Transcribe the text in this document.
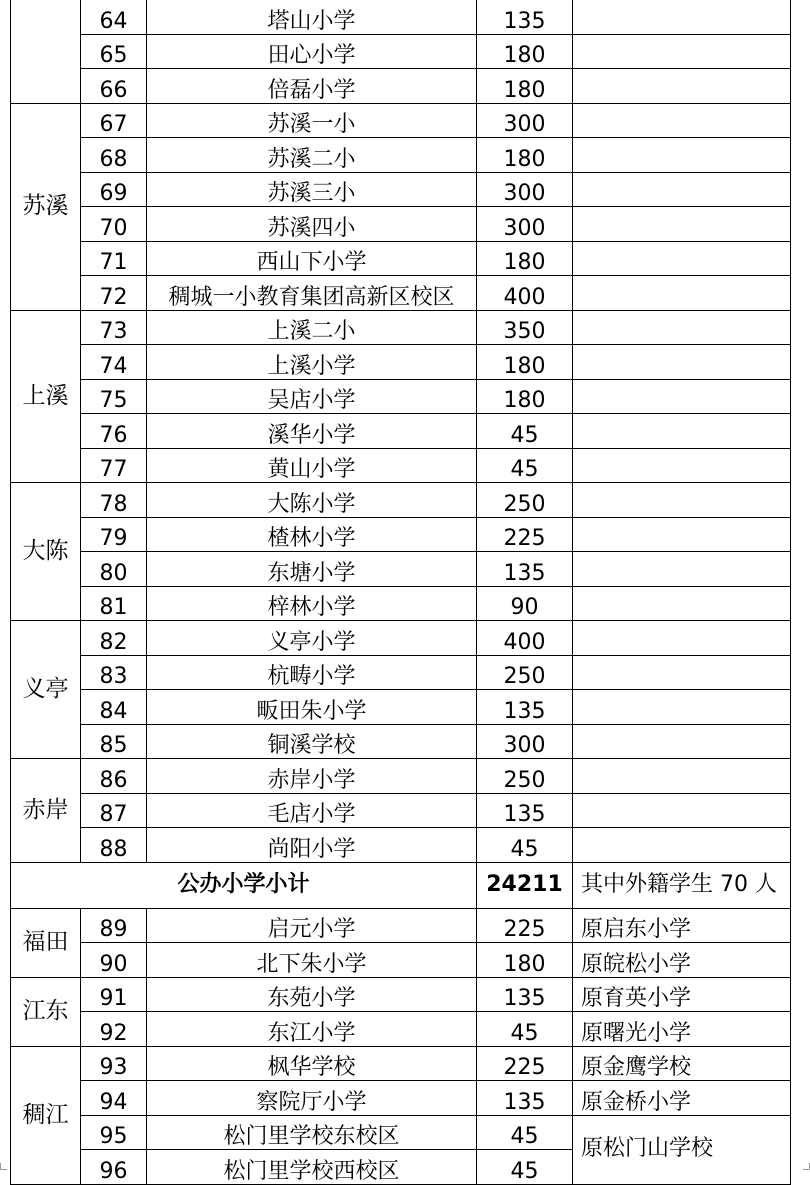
	64	塔山小学	135	
	65	田心小学	180	
	66	倍磊小学	180	
苏溪	67	苏溪一小	300	
	68	苏溪二小	180	
	69	苏溪三小	300	
	70	苏溪四小	300	
	71	西山下小学	180	
	72	稠城一小教育集团高新区校区	400	
上溪	73	上溪二小	350	
	74	上溪小学	180	
	75	吴店小学	180	
	76	溪华小学	45	
	77	黄山小学	45	
大陈	78	大陈小学	250	
	79	楂林小学	225	
	80	东塘小学	135	
	81	梓林小学	90	
义亭	82	义亭小学	400	
	83	杭畴小学	250	
	84	畈田朱小学	135	
	85	铜溪学校	300	
赤岸	86	赤岸小学	250	
	87	毛店小学	135	
	88	尚阳小学	45	
公办小学小计			24211	其中外籍学生 70 人
福田	89	启元小学	225	原启东小学
	90	北下朱小学	180	原皖松小学
江东	91	东苑小学	135	原育英小学
	92	东江小学	45	原曙光小学
稠江	93	枫华学校	225	原金鹰学校
	94	察院厅小学	135	原金桥小学
	95	松门里学校东校区	45	原松门山学校
	96	松门里学校西校区	45	
